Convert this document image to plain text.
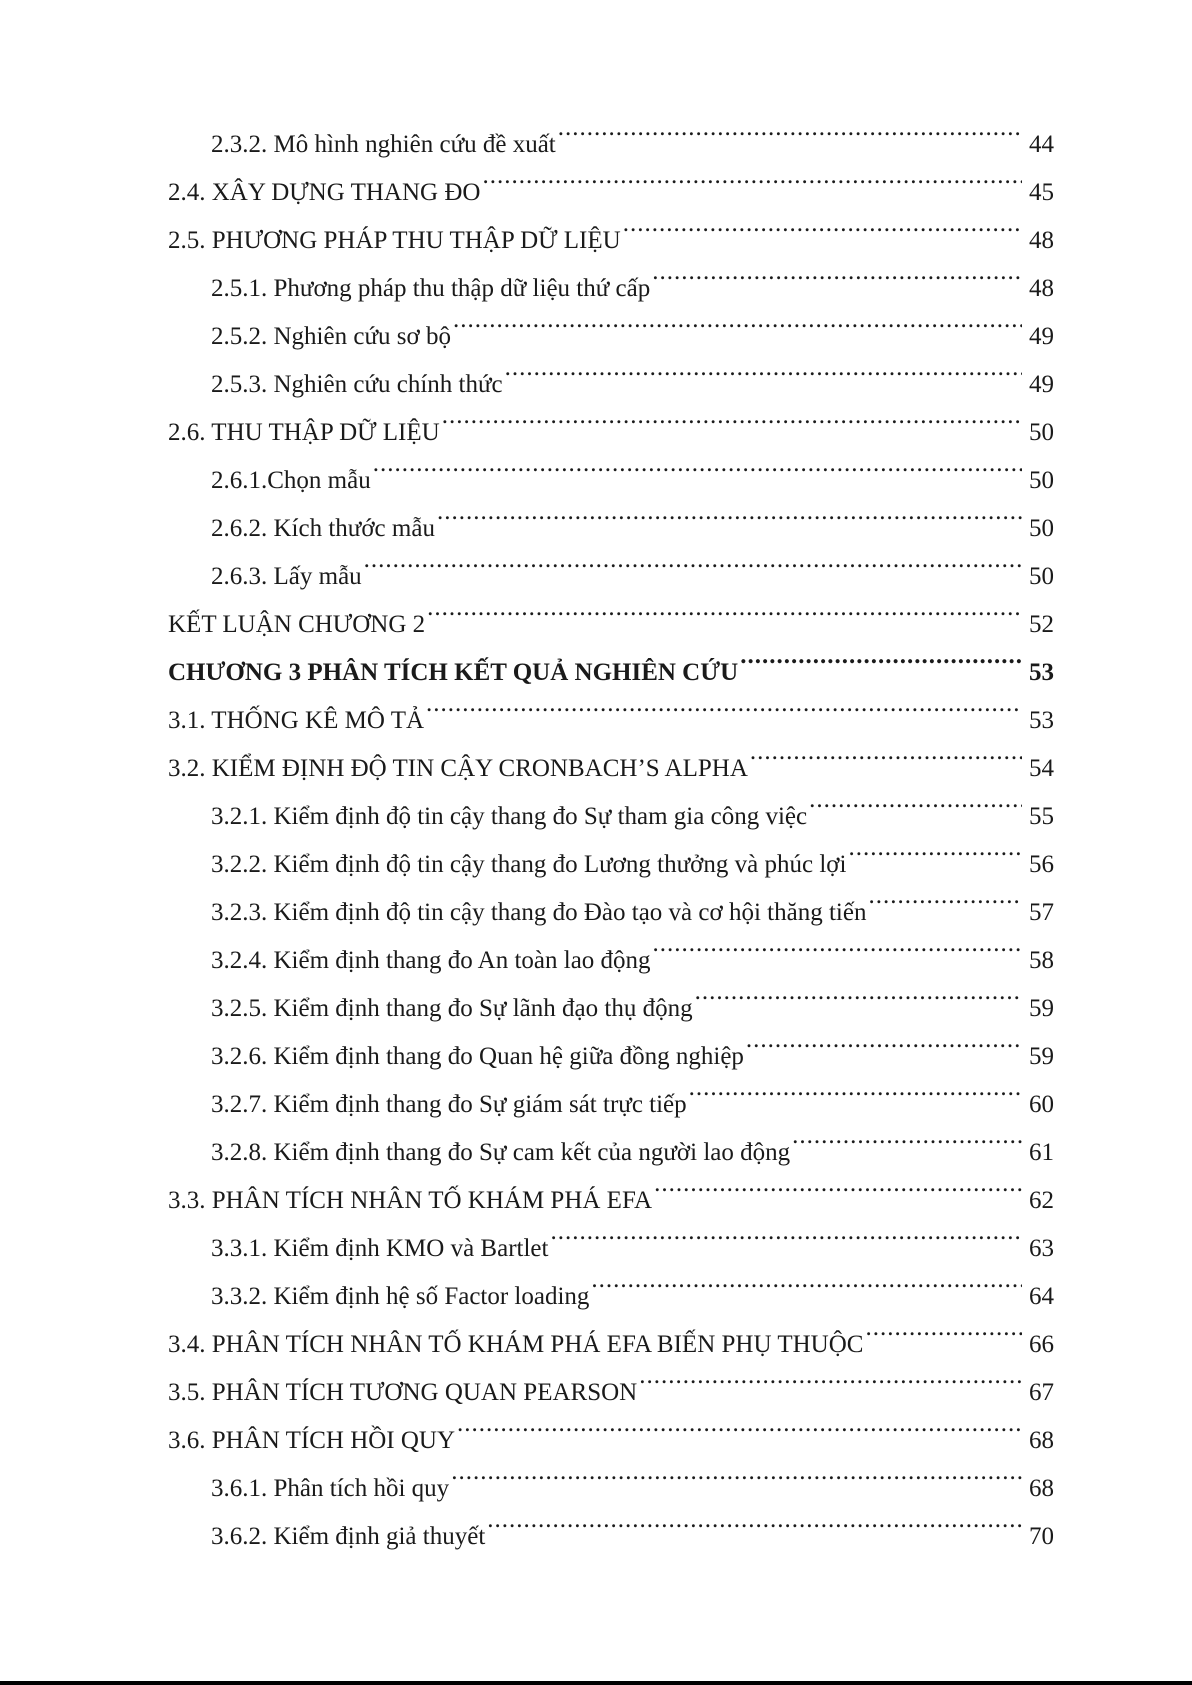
2.3.2. Mô hình nghiên cứu đề xuất .....	44
2.4. XÂY DỰNG THANG ĐO .....	45
2.5. PHƯƠNG PHÁP THU THẬP DỮ LIỆU .....	48
2.5.1. Phương pháp thu thập dữ liệu thứ cấp .....	48
2.5.2. Nghiên cứu sơ bộ .....	49
2.5.3. Nghiên cứu chính thức .....	49
2.6. THU THẬP DỮ LIỆU .....	50
2.6.1.Chọn mẫu .....	50
2.6.2. Kích thước mẫu .....	50
2.6.3. Lấy mẫu .....	50
KẾT LUẬN CHƯƠNG 2 .....	52
CHƯƠNG 3 PHÂN TÍCH KẾT QUẢ NGHIÊN CỨU .....	53
3.1. THỐNG KÊ MÔ TẢ .....	53
3.2. KIỂM ĐỊNH ĐỘ TIN CẬY CRONBACH’S ALPHA .....	54
3.2.1. Kiểm định độ tin cậy thang đo Sự tham gia công việc .....	55
3.2.2. Kiểm định độ tin cậy thang đo Lương thưởng và phúc lợi .....	56
3.2.3. Kiểm định độ tin cậy thang đo Đào tạo và cơ hội thăng tiến .....	57
3.2.4. Kiểm định thang đo An toàn lao động .....	58
3.2.5. Kiểm định thang đo Sự lãnh đạo thụ động .....	59
3.2.6. Kiểm định thang đo Quan hệ giữa đồng nghiệp .....	59
3.2.7. Kiểm định thang đo Sự giám sát trực tiếp .....	60
3.2.8. Kiểm định thang đo Sự cam kết của người lao động .....	61
3.3. PHÂN TÍCH NHÂN TỐ KHÁM PHÁ EFA .....	62
3.3.1. Kiểm định KMO và Bartlet .....	63
3.3.2. Kiểm định hệ số Factor loading .....	64
3.4. PHÂN TÍCH NHÂN TỐ KHÁM PHÁ EFA BIẾN PHỤ THUỘC .....	66
3.5. PHÂN TÍCH TƯƠNG QUAN PEARSON .....	67
3.6. PHÂN TÍCH HỒI QUY .....	68
3.6.1. Phân tích hồi quy .....	68
3.6.2. Kiểm định giả thuyết .....	70
